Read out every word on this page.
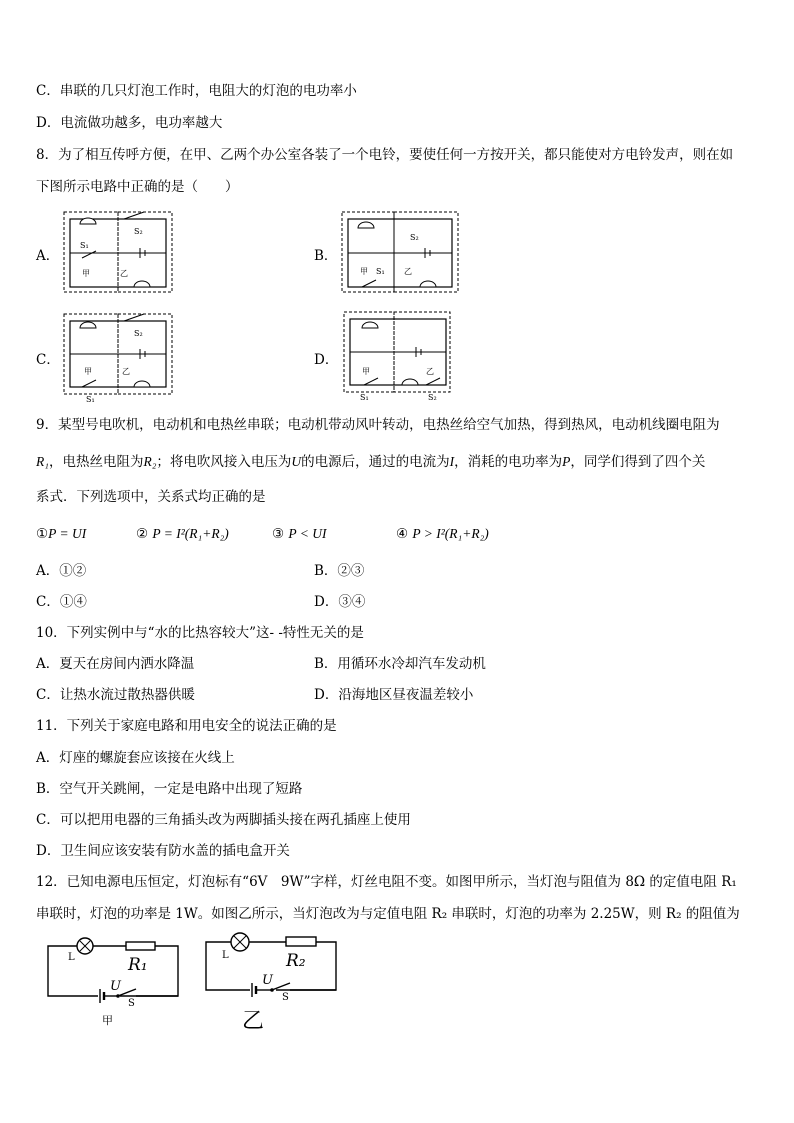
C．串联的几只灯泡工作时，电阻大的灯泡的电功率小
D．电流做功越多，电功率越大
8．为了相互传呼方便，在甲、乙两个办公室各装了一个电铃，要使任何一方按开关，都只能使对方电铃发声，则在如
下图所示电路中正确的是（　　）
A．	B．
C．	D．
S₁
S₂
甲	乙
S₂
甲 S₁ 乙
S₂
甲	乙
S₁
甲	乙
S₁	S₂
9．某型号电吹机，电动机和电热丝串联；电动机带动风叶转动，电热丝给空气加热，得到热风，电动机线圈电阻为
R₁，电热丝电阻为R₂；将电吹风接入电压为U的电源后，通过的电流为I，消耗的电功率为P，同学们得到了四个关
系式．下列选项中，关系式均正确的是
①P = UI	② P = I²(R₁+R₂)	③ P < UI	④ P > I²(R₁+R₂)
A．①②	B．②③
C．①④	D．③④
10．下列实例中与“水的比热容较大”这- -特性无关的是
A．夏天在房间内洒水降温	B．用循环水冷却汽车发动机
C．让热水流过散热器供暖	D．沿海地区昼夜温差较小
11．下列关于家庭电路和用电安全的说法正确的是
A．灯座的螺旋套应该接在火线上
B．空气开关跳闸，一定是电路中出现了短路
C．可以把用电器的三角插头改为两脚插头接在两孔插座上使用
D．卫生间应该安装有防水盖的插电盒开关
12．已知电源电压恒定，灯泡标有“6V　9W”字样，灯丝电阻不变。如图甲所示，当灯泡与阻值为 8Ω 的定值电阻 R₁
串联时，灯泡的功率是 1W。如图乙所示，当灯泡改为与定值电阻 R₂ 串联时，灯泡的功率为 2.25W，则 R₂ 的阻值为
L	R₁
U
S
甲
L	R₂
U
S
乙
